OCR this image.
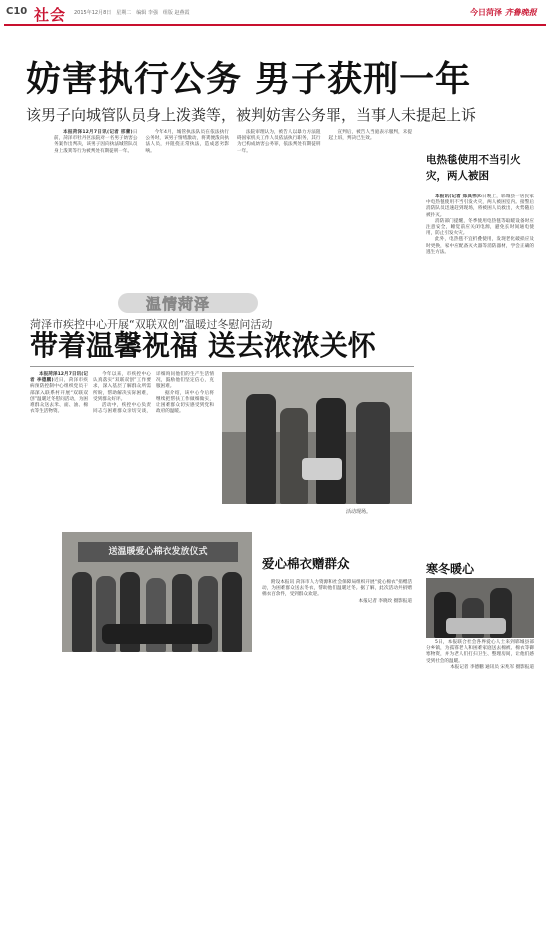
C10 社会 2015年12月8日　星期二　编辑 李强　组版 赵燕霞	今日菏泽 齐鲁晚报
妨害执行公务 男子获刑一年
该男子向城管队员身上泼粪等，被判妨害公务罪，当事人未提起上诉

本报菏泽12月7日讯(记者 邢蕾)日前，菏泽市牡丹区法院对一名男子妨害公务案作出判决，该男子因向执法城管队员身上泼粪等行为被判处有期徒刑一年。

今年4月，城管执法队员在依法执行公务时，该男子情绪激动，将粪便泼向执法人员，并阻挠正常执法，造成恶劣影响。

法院审理认为，被告人以暴力方法阻碍国家机关工作人员依法执行职务，其行为已构成妨害公务罪，依法判处有期徒刑一年。

宣判后，被告人当庭表示服判，未提起上诉，判决已生效。

电热毯使用不当引火灾，两人被困

本报讯(记者 郑其伟)6日晚上，郓城县一居民家中电热毯使用不当引发火灾，两人被困室内。接警后消防队员迅速赶到现场，将被困人员救出，火势随后被扑灭。

消防部门提醒，冬季使用电热毯等取暖设备时应注意安全，睡觉前应关闭电源，避免长时间通电使用，防止引发火灾。

此外，电热毯不宜折叠使用，发现老化破损应及时更换，家中应配备灭火器等消防器材，学会正确的逃生方法。

温情菏泽
菏泽市疾控中心开展“双联双创”温暖过冬慰问活动
带着温馨祝福 送去浓浓关怀

本报菏泽12月7日讯(记者 李德鹏)近日，菏泽市疾病预防控制中心组织党员干部深入联系村开展“双联双创”温暖过冬慰问活动，为困难群众送去米、面、油、棉衣等生活物资。

今年以来，市疾控中心认真落实“双联双创”工作要求，深入基层了解群众所需所盼，帮助解决实际困难，受到群众好评。

活动中，疾控中心负责同志与困难群众亲切交谈，详细询问他们的生产生活情况，鼓励他们坚定信心，克服困难。

据介绍，该中心今后将继续把帮扶工作做细做实，让困难群众切实感受到党和政府的温暖。

活动现场。
送温暖爱心棉衣发放仪式
爱心棉衣赠群众

附设本报讯 菏泽市人力资源和社会保障局组织开展“爱心棉衣”捐赠活动，为困难群众送去冬衣，帮助他们温暖过冬。据了解，此次活动共捐赠棉衣百余件，受到群众欢迎。

本报记者 李晓玫 摄影报道

寒冬暖心

5日，本报联合社会各界爱心人士来到郓城县部分乡镇，为孤寡老人和困难家庭送去棉被、棉衣等御寒物资，并为老人们打扫卫生、整理房间，让他们感受到社会的温暖。

本报记者 李德鹏 通讯员 宋兆军 摄影报道
